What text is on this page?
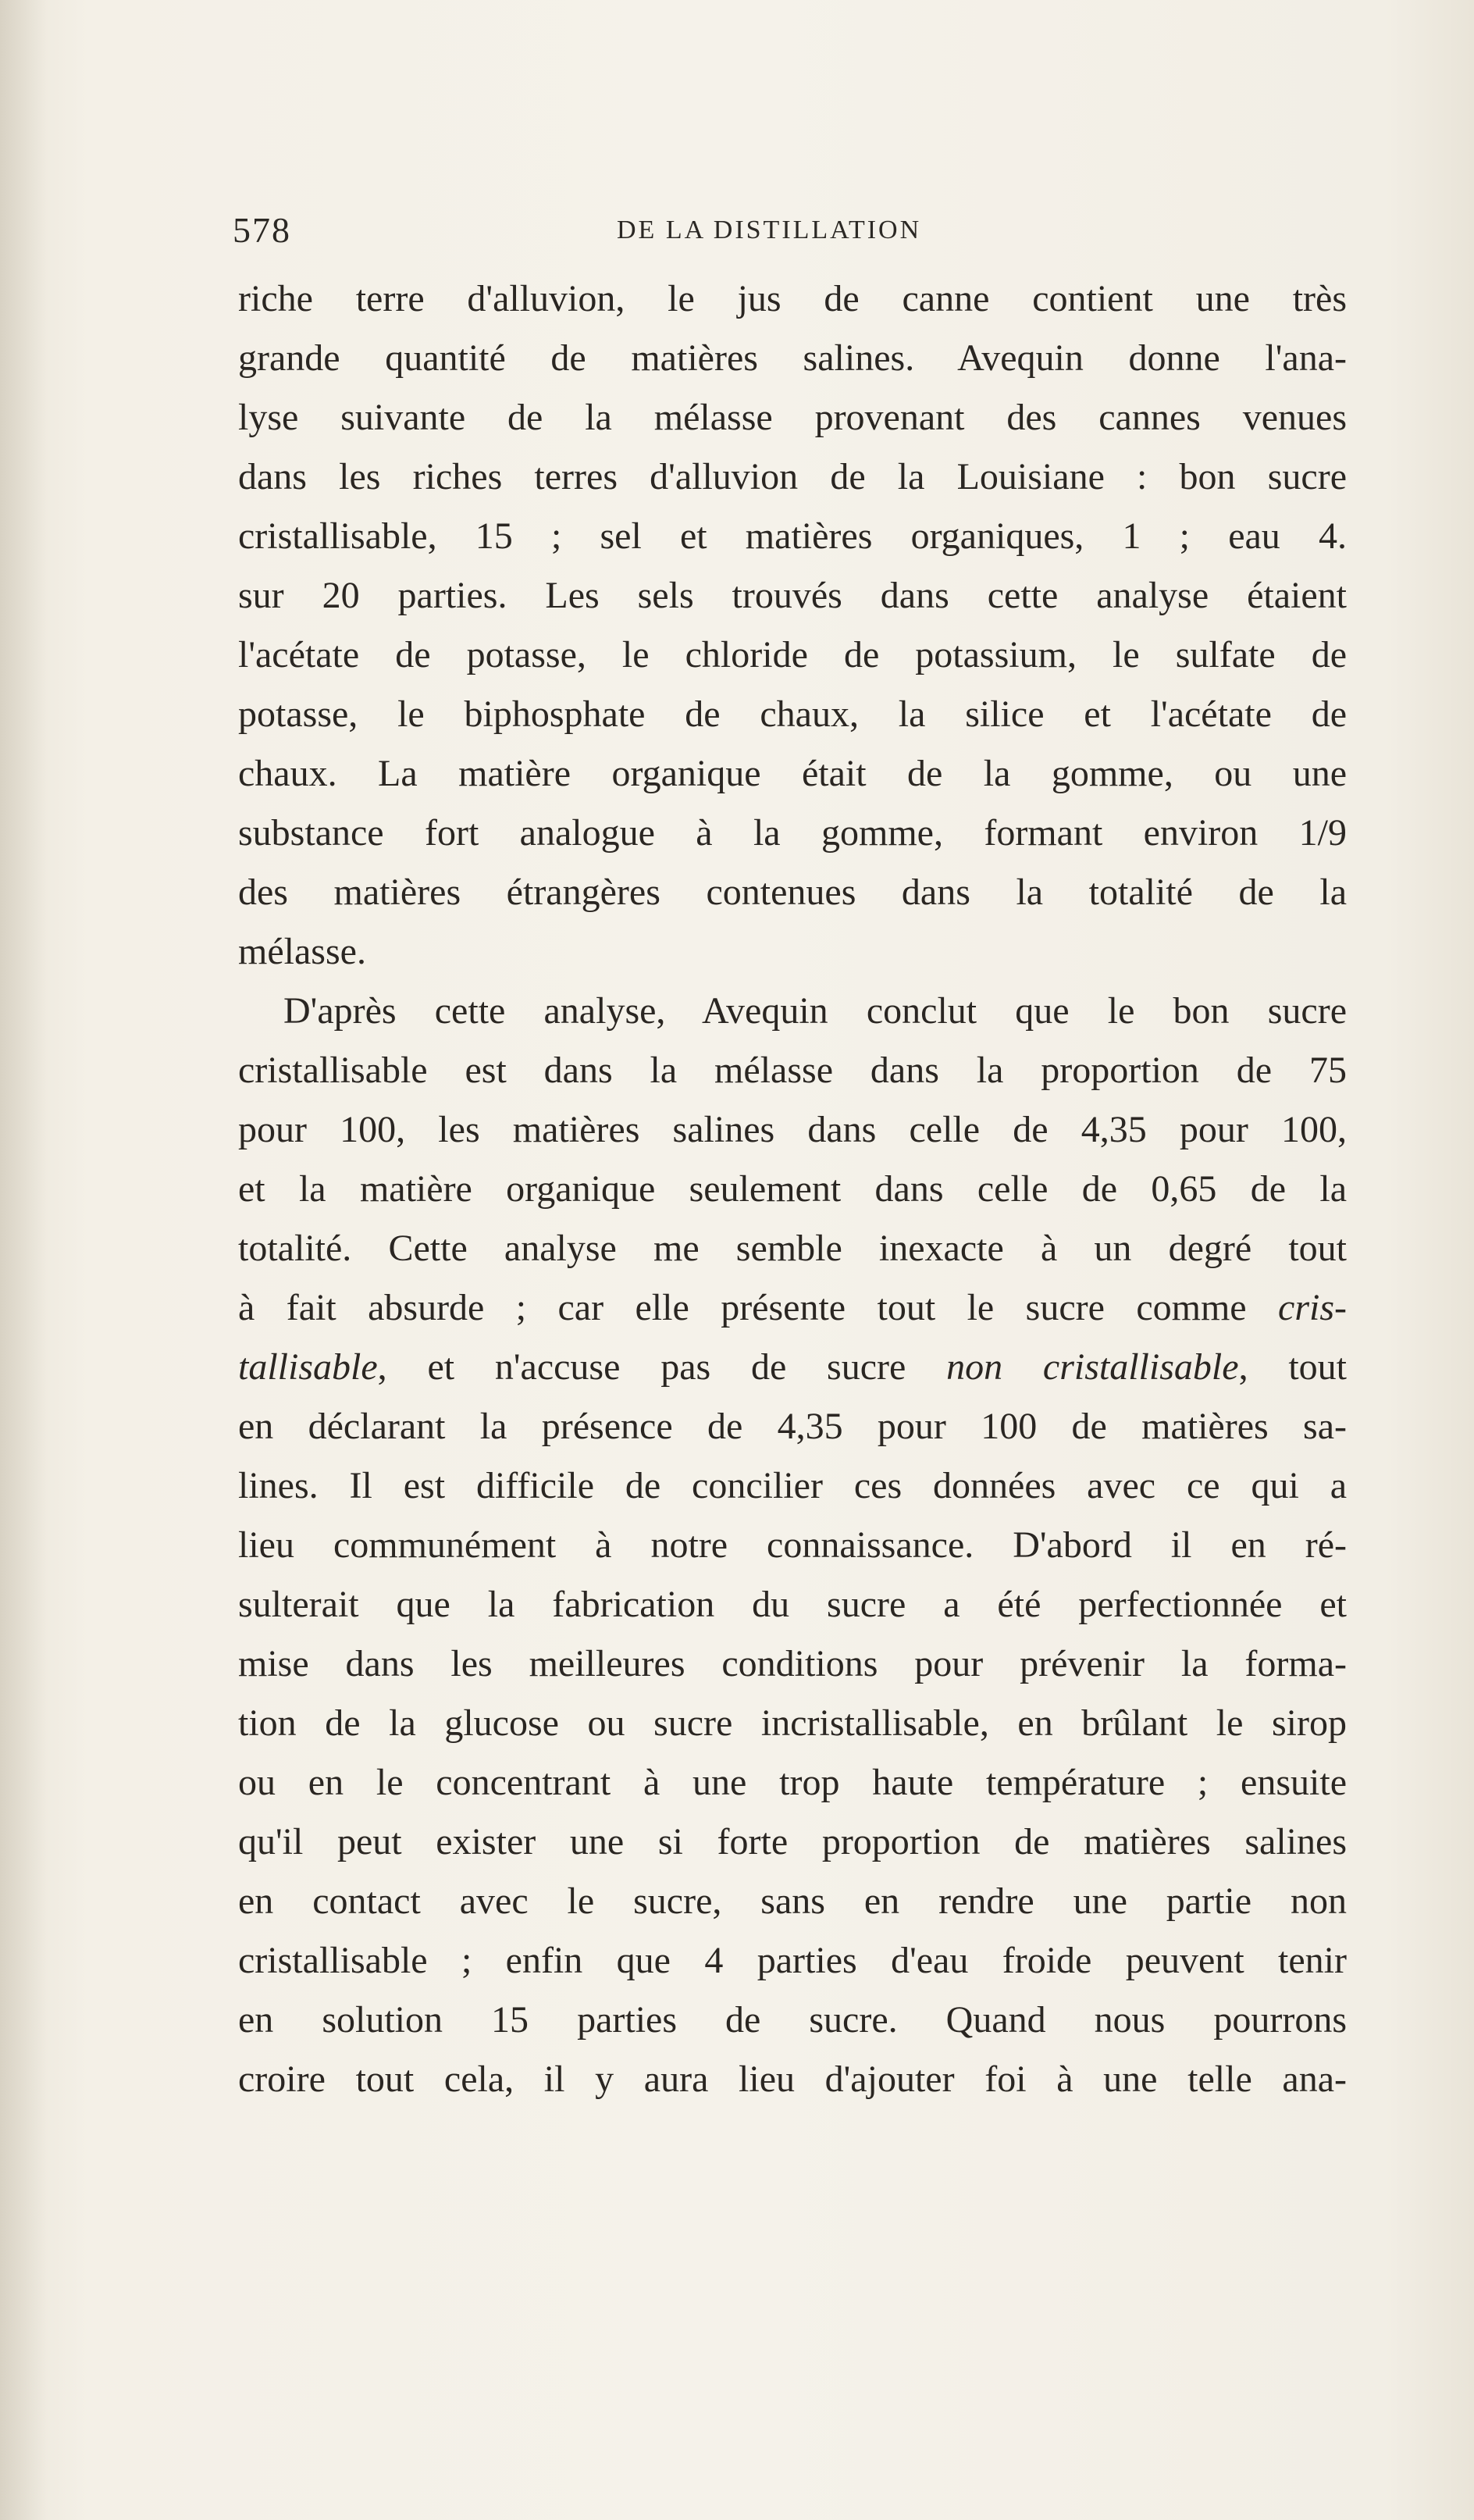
578	DE LA DISTILLATION
riche terre d'alluvion, le jus de canne contient une très
grande quantité de matières salines. Avequin donne l'ana-
lyse suivante de la mélasse provenant des cannes venues
dans les riches terres d'alluvion de la Louisiane : bon sucre
cristallisable, 15 ; sel et matières organiques, 1 ; eau 4.
sur 20 parties. Les sels trouvés dans cette analyse étaient
l'acétate de potasse, le chloride de potassium, le sulfate de
potasse, le biphosphate de chaux, la silice et l'acétate de
chaux. La matière organique était de la gomme, ou une
substance fort analogue à la gomme, formant environ 1/9
des matières étrangères contenues dans la totalité de la
mélasse.
D'après cette analyse, Avequin conclut que le bon sucre
cristallisable est dans la mélasse dans la proportion de 75
pour 100, les matières salines dans celle de 4,35 pour 100,
et la matière organique seulement dans celle de 0,65 de la
totalité. Cette analyse me semble inexacte à un degré tout
à fait absurde ; car elle présente tout le sucre comme cris-
tallisable, et n'accuse pas de sucre non cristallisable, tout
en déclarant la présence de 4,35 pour 100 de matières sa-
lines. Il est difficile de concilier ces données avec ce qui a
lieu communément à notre connaissance. D'abord il en ré-
sulterait que la fabrication du sucre a été perfectionnée et
mise dans les meilleures conditions pour prévenir la forma-
tion de la glucose ou sucre incristallisable, en brûlant le sirop
ou en le concentrant à une trop haute température ; ensuite
qu'il peut exister une si forte proportion de matières salines
en contact avec le sucre, sans en rendre une partie non
cristallisable ; enfin que 4 parties d'eau froide peuvent tenir
en solution 15 parties de sucre. Quand nous pourrons
croire tout cela, il y aura lieu d'ajouter foi à une telle ana-
